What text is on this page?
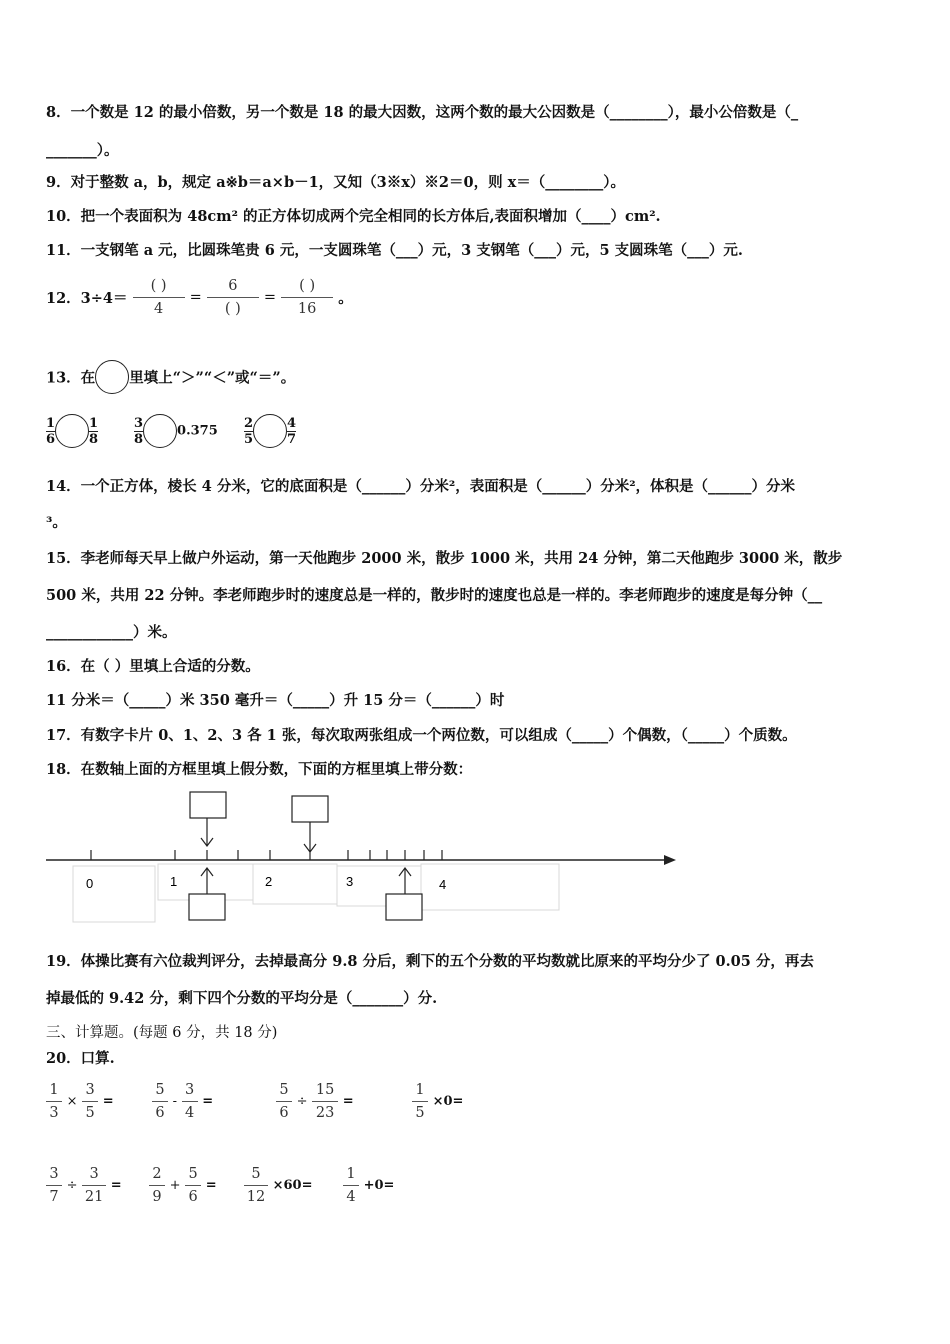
8．一个数是 12 的最小倍数，另一个数是 18 的最大因数，这两个数的最大公因数是（________），最小公倍数是（_
_______）。
9．对于整数 a，b，规定 a※b＝a×b－1，又知（3※x）※2＝0，则 x＝（________）。
10．把一个表面积为 48cm² 的正方体切成两个完全相同的长方体后,表面积增加（____）cm².
11．一支钢笔 a 元，比圆珠笔贵 6 元，一支圆珠笔（___）元，3 支钢笔（___）元，5 支圆珠笔（___）元.
12．$3\div 4= \frac{( )}{4} = \frac{6}{( )} = \frac{( )}{16}$ 。
13．在 里填上“＞”“＜”或“＝”。
$\frac{1}{6}$	$\frac{1}{8}$	$\frac{3}{8}$	$0.375 \frac{2}{5}$	$\frac{4}{7}$
14．一个正方体，棱长 4 分米，它的底面积是（______）分米²，表面积是（______）分米²，体积是（______）分米
³。
15．李老师每天早上做户外运动，第一天他跑步 2000 米，散步 1000 米，共用 24 分钟，第二天他跑步 3000 米，散步
500 米，共用 22 分钟。李老师跑步时的速度总是一样的，散步时的速度也总是一样的。李老师跑步的速度是每分钟（__
____________）米。
16．在（ ）里填上合适的分数。
11 分米＝（_____）米 350 毫升＝（_____）升 15 分＝（______）时
17．有数字卡片 0、1、2、3 各 1 张，每次取两张组成一个两位数，可以组成（_____）个偶数，（_____）个质数。
18．在数轴上面的方框里填上假分数，下面的方框里填上带分数：
0	1	2	3	4
19．体操比赛有六位裁判评分，去掉最高分 9.8 分后，剩下的五个分数的平均数就比原来的平均分少了 0.05 分，再去
掉最低的 9.42 分，剩下四个分数的平均分是（_______）分.
三、计算题。(每题 6 分，共 18 分)
20．口算.
$\frac{1}{3} \times \frac{3}{5}$ =	$\frac{5}{6} - \frac{3}{4}$ =	$\frac{5}{6} \div \frac{15}{23}$ =	$\frac{1}{5} \times 0=$
$\frac{3}{7} \div \frac{3}{21} = \frac{2}{9} + \frac{5}{6} = \frac{5}{12} \times 60= \frac{1}{4} +0=$
